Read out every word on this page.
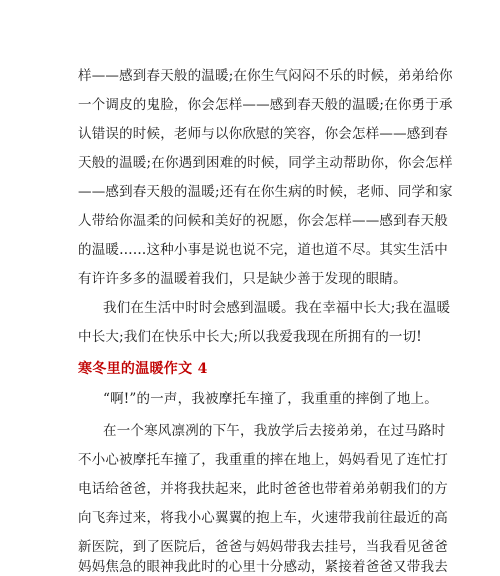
样——感到春天般的温暖;在你生气闷闷不乐的时候，弟弟给你
一个调皮的鬼脸，你会怎样——感到春天般的温暖;在你勇于承
认错误的时候，老师与以你欣慰的笑容，你会怎样——感到春
天般的温暖;在你遇到困难的时候，同学主动帮助你，你会怎样
——感到春天般的温暖;还有在你生病的时候，老师、同学和家
人带给你温柔的问候和美好的祝愿，你会怎样——感到春天般
的温暖……这种小事是说也说不完，道也道不尽。其实生活中
有许许多多的温暖着我们，只是缺少善于发现的眼睛。
我们在生活中时时会感到温暖。我在幸福中长大;我在温暖
中长大;我们在快乐中长大;所以我爱我现在所拥有的一切!
寒冬里的温暖作文 4
“啊!”的一声，我被摩托车撞了，我重重的摔倒了地上。
在一个寒风凛冽的下午，我放学后去接弟弟，在过马路时
不小心被摩托车撞了，我重重的摔在地上，妈妈看见了连忙打
电话给爸爸，并将我扶起来，此时爸爸也带着弟弟朝我们的方
向飞奔过来，将我小心翼翼的抱上车，火速带我前往最近的高
新医院，到了医院后，爸爸与妈妈带我去挂号，当我看见爸爸
妈妈焦急的眼神我此时的心里十分感动，紧接着爸爸又带我去
